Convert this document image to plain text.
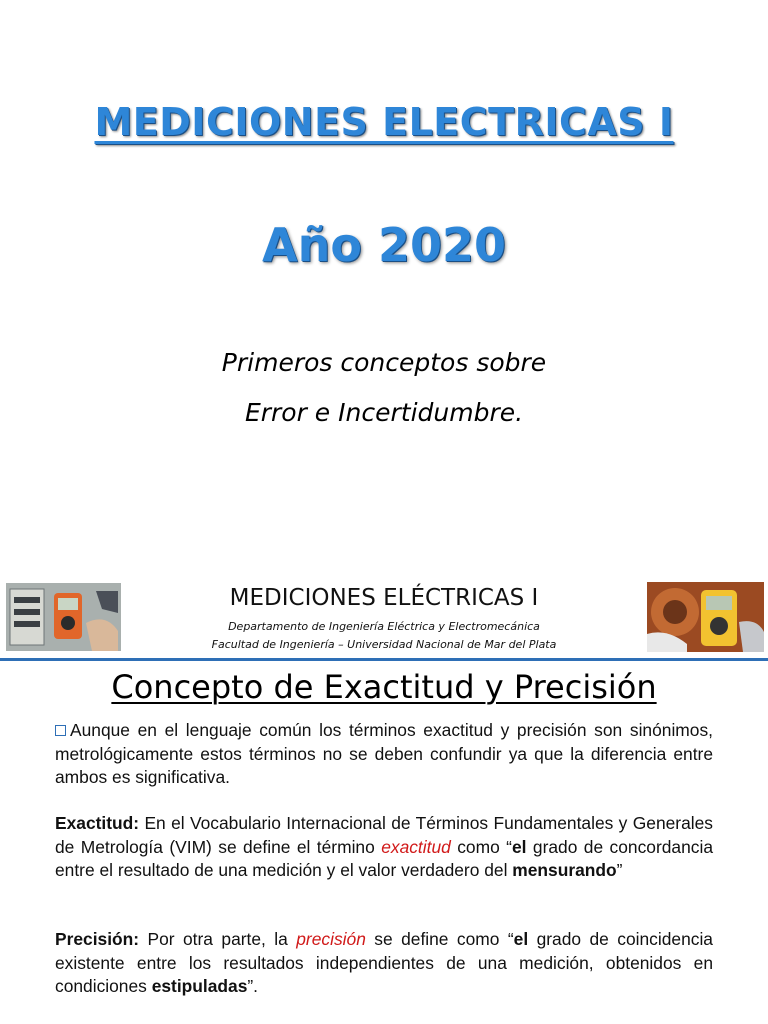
MEDICIONES ELECTRICAS I
Año 2020
Primeros conceptos sobre
Error e Incertidumbre.
MEDICIONES ELÉCTRICAS I
Departamento de Ingeniería Eléctrica y Electromecánica
Facultad de Ingeniería – Universidad Nacional de Mar del Plata
Concepto de Exactitud y Precisión

Aunque en el lenguaje común los términos exactitud y precisión son sinónimos, metrológicamente estos términos no se deben confundir ya que la diferencia entre ambos es significativa.

Exactitud: En el Vocabulario Internacional de Términos Fundamentales y Generales de Metrología (VIM) se define el término exactitud como “el grado de concordancia entre el resultado de una medición y el valor verdadero del mensurando”

Precisión: Por otra parte, la precisión se define como “el grado de coincidencia existente entre los resultados independientes de una medición, obtenidos en condiciones estipuladas”.
